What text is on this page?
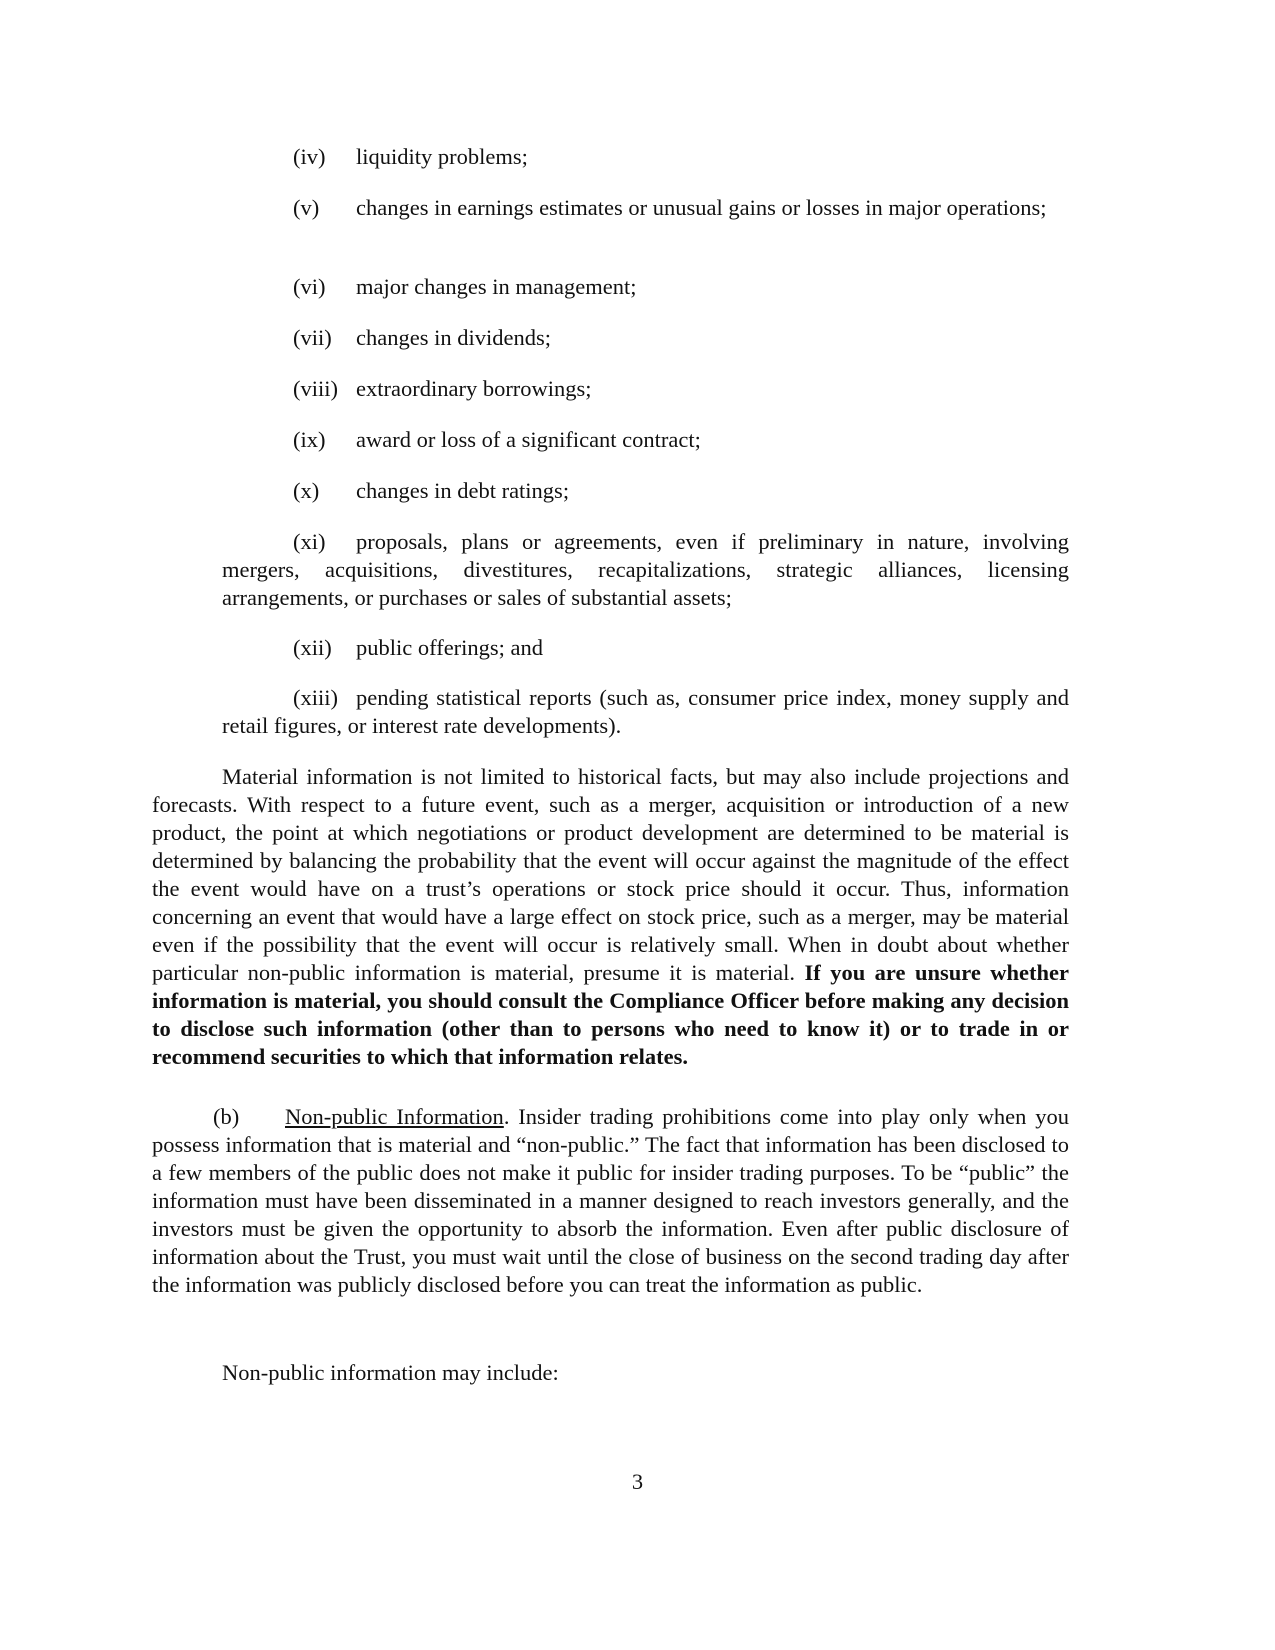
(iv) liquidity problems;
(v) changes in earnings estimates or unusual gains or losses in major operations;
(vi) major changes in management;
(vii) changes in dividends;
(viii) extraordinary borrowings;
(ix) award or loss of a significant contract;
(x) changes in debt ratings;
(xi) proposals, plans or agreements, even if preliminary in nature, involving mergers, acquisitions, divestitures, recapitalizations, strategic alliances, licensing arrangements, or purchases or sales of substantial assets;
(xii) public offerings; and
(xiii) pending statistical reports (such as, consumer price index, money supply and retail figures, or interest rate developments).
Material information is not limited to historical facts, but may also include projections and forecasts. With respect to a future event, such as a merger, acquisition or introduction of a new product, the point at which negotiations or product development are determined to be material is determined by balancing the probability that the event will occur against the magnitude of the effect the event would have on a trust’s operations or stock price should it occur. Thus, information concerning an event that would have a large effect on stock price, such as a merger, may be material even if the possibility that the event will occur is relatively small. When in doubt about whether particular non-public information is material, presume it is material. If you are unsure whether information is material, you should consult the Compliance Officer before making any decision to disclose such information (other than to persons who need to know it) or to trade in or recommend securities to which that information relates.
(b) Non-public Information. Insider trading prohibitions come into play only when you possess information that is material and “non-public.” The fact that information has been disclosed to a few members of the public does not make it public for insider trading purposes. To be “public” the information must have been disseminated in a manner designed to reach investors generally, and the investors must be given the opportunity to absorb the information. Even after public disclosure of information about the Trust, you must wait until the close of business on the second trading day after the information was publicly disclosed before you can treat the information as public.
Non-public information may include:
3
